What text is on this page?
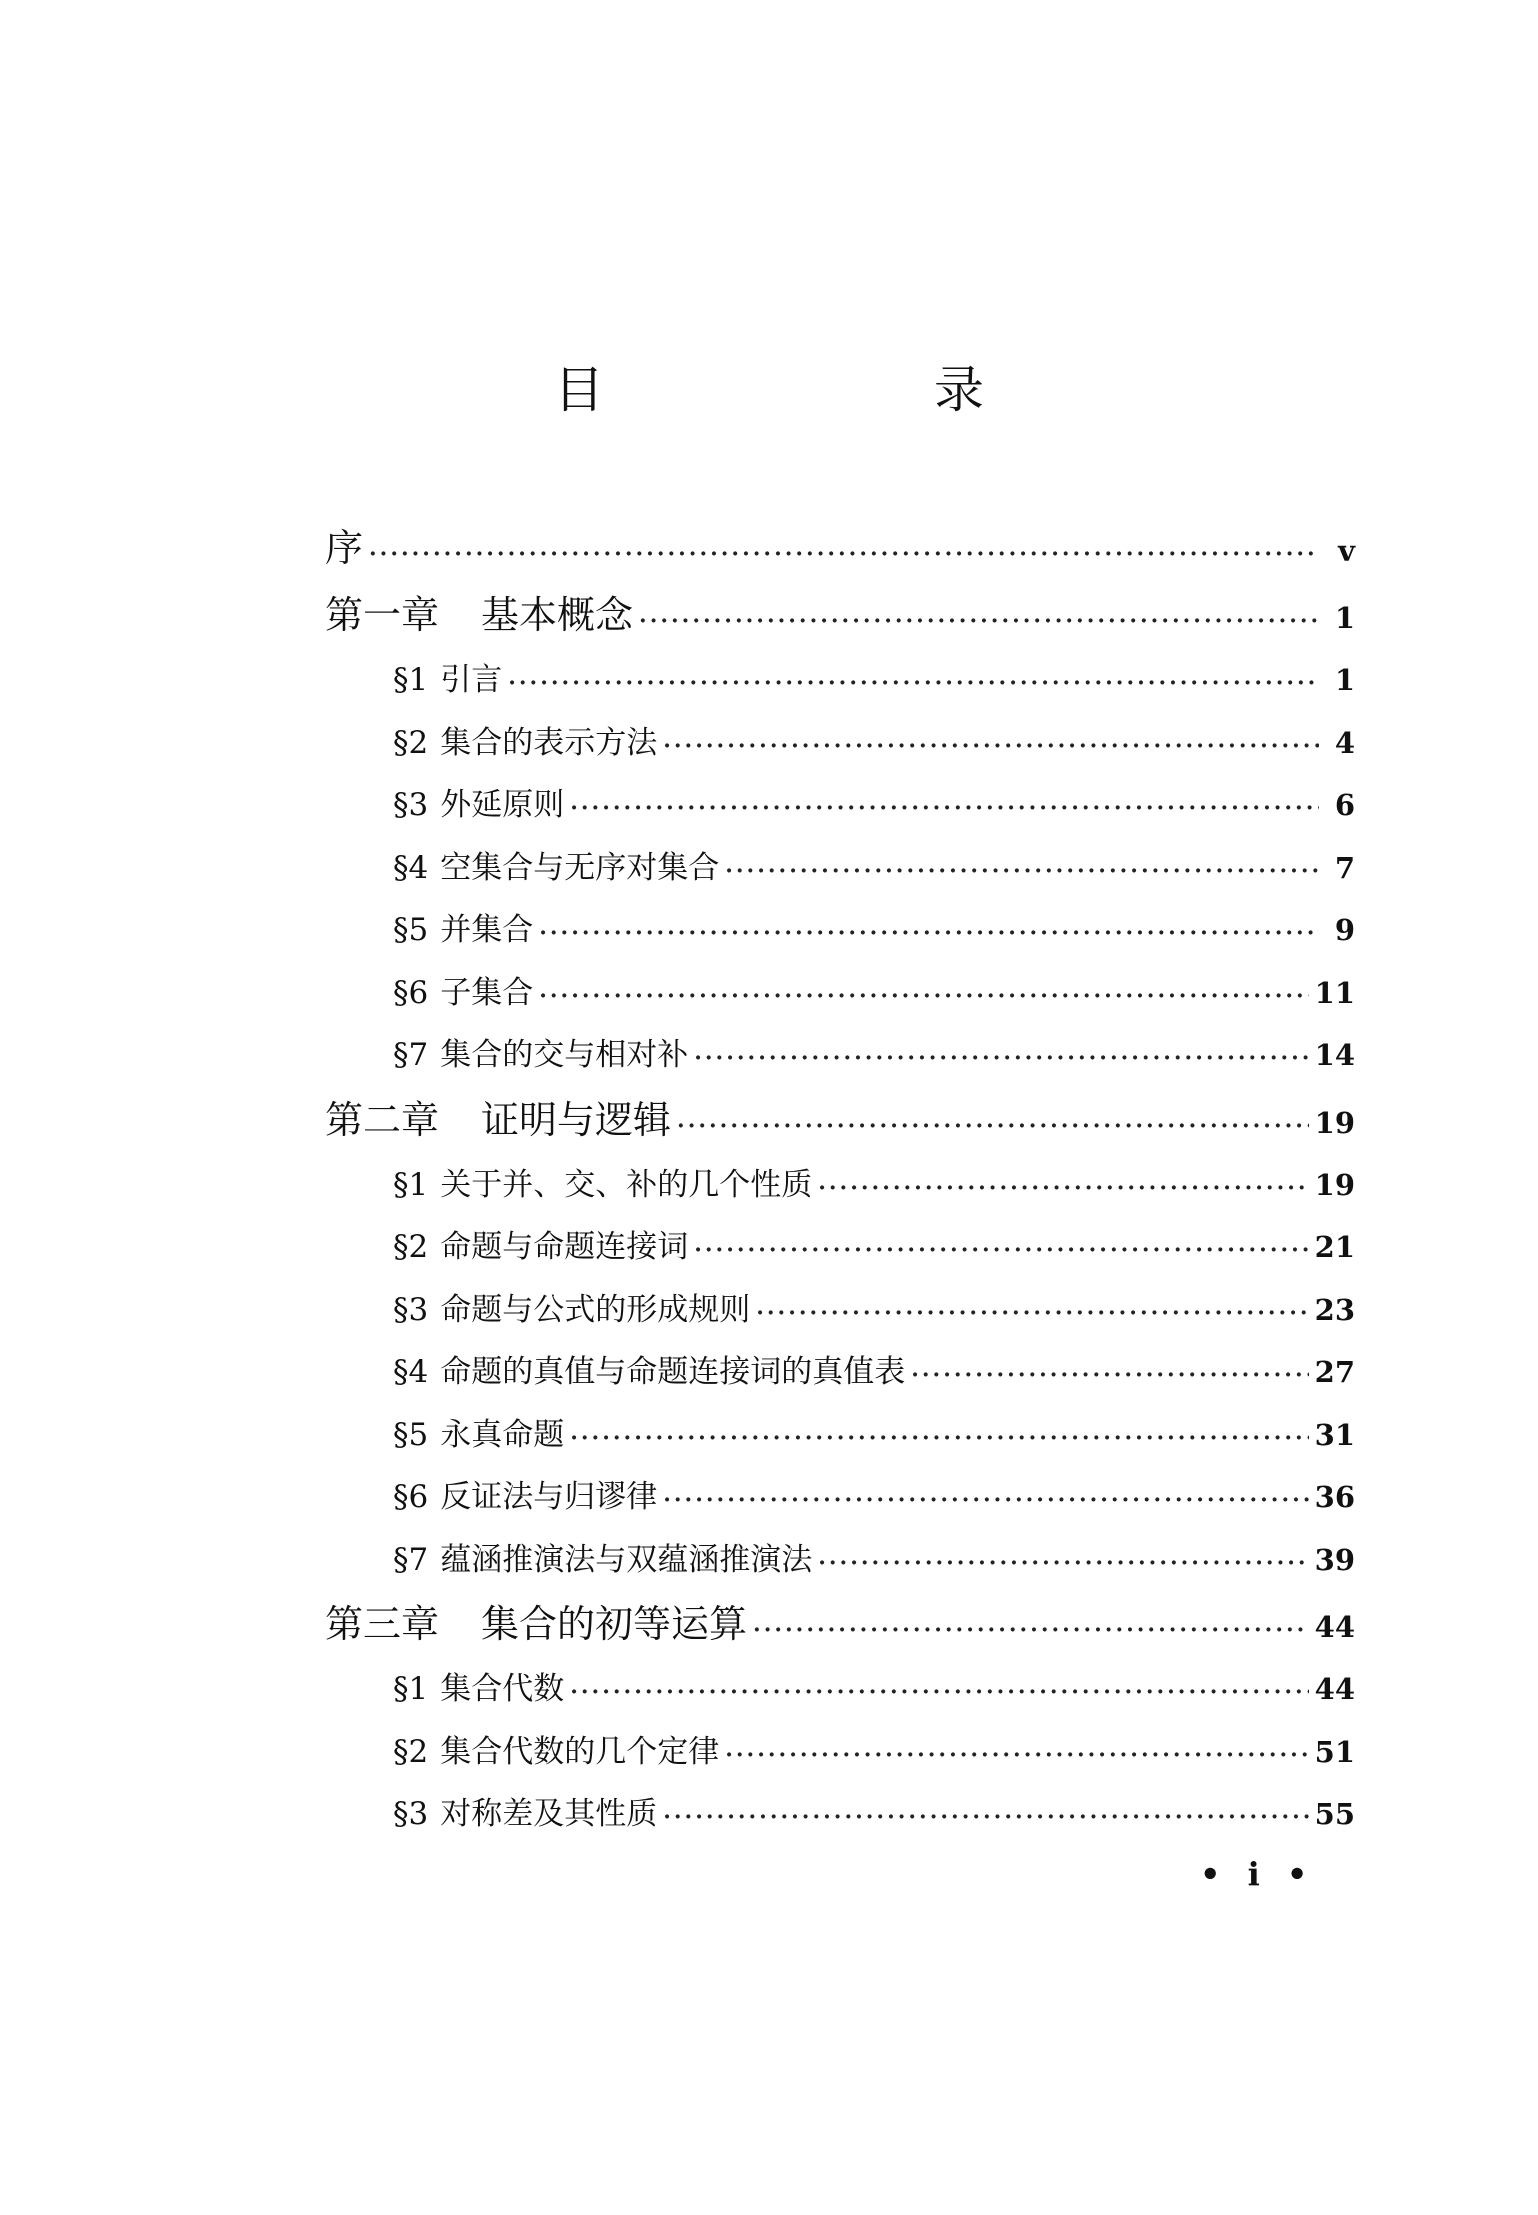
目　录
序 ·····	v
第一章 基本概念 ·····	1
§1 引言 ·····	1
§2 集合的表示方法 ·····	4
§3 外延原则 ·····	6
§4 空集合与无序对集合 ·····	7
§5 并集合 ·····	9
§6 子集合 ·····	11
§7 集合的交与相对补 ·····	14
第二章 证明与逻辑 ·····	19
§1 关于并、交、补的几个性质 ·····	19
§2 命题与命题连接词 ·····	21
§3 命题与公式的形成规则 ·····	23
§4 命题的真值与命题连接词的真值表 ·····	27
§5 永真命题 ·····	31
§6 反证法与归谬律 ·····	36
§7 蕴涵推演法与双蕴涵推演法 ·····	39
第三章 集合的初等运算 ·····	44
§1 集合代数 ·····	44
§2 集合代数的几个定律 ·····	51
§3 对称差及其性质 ·····	55
• i •
